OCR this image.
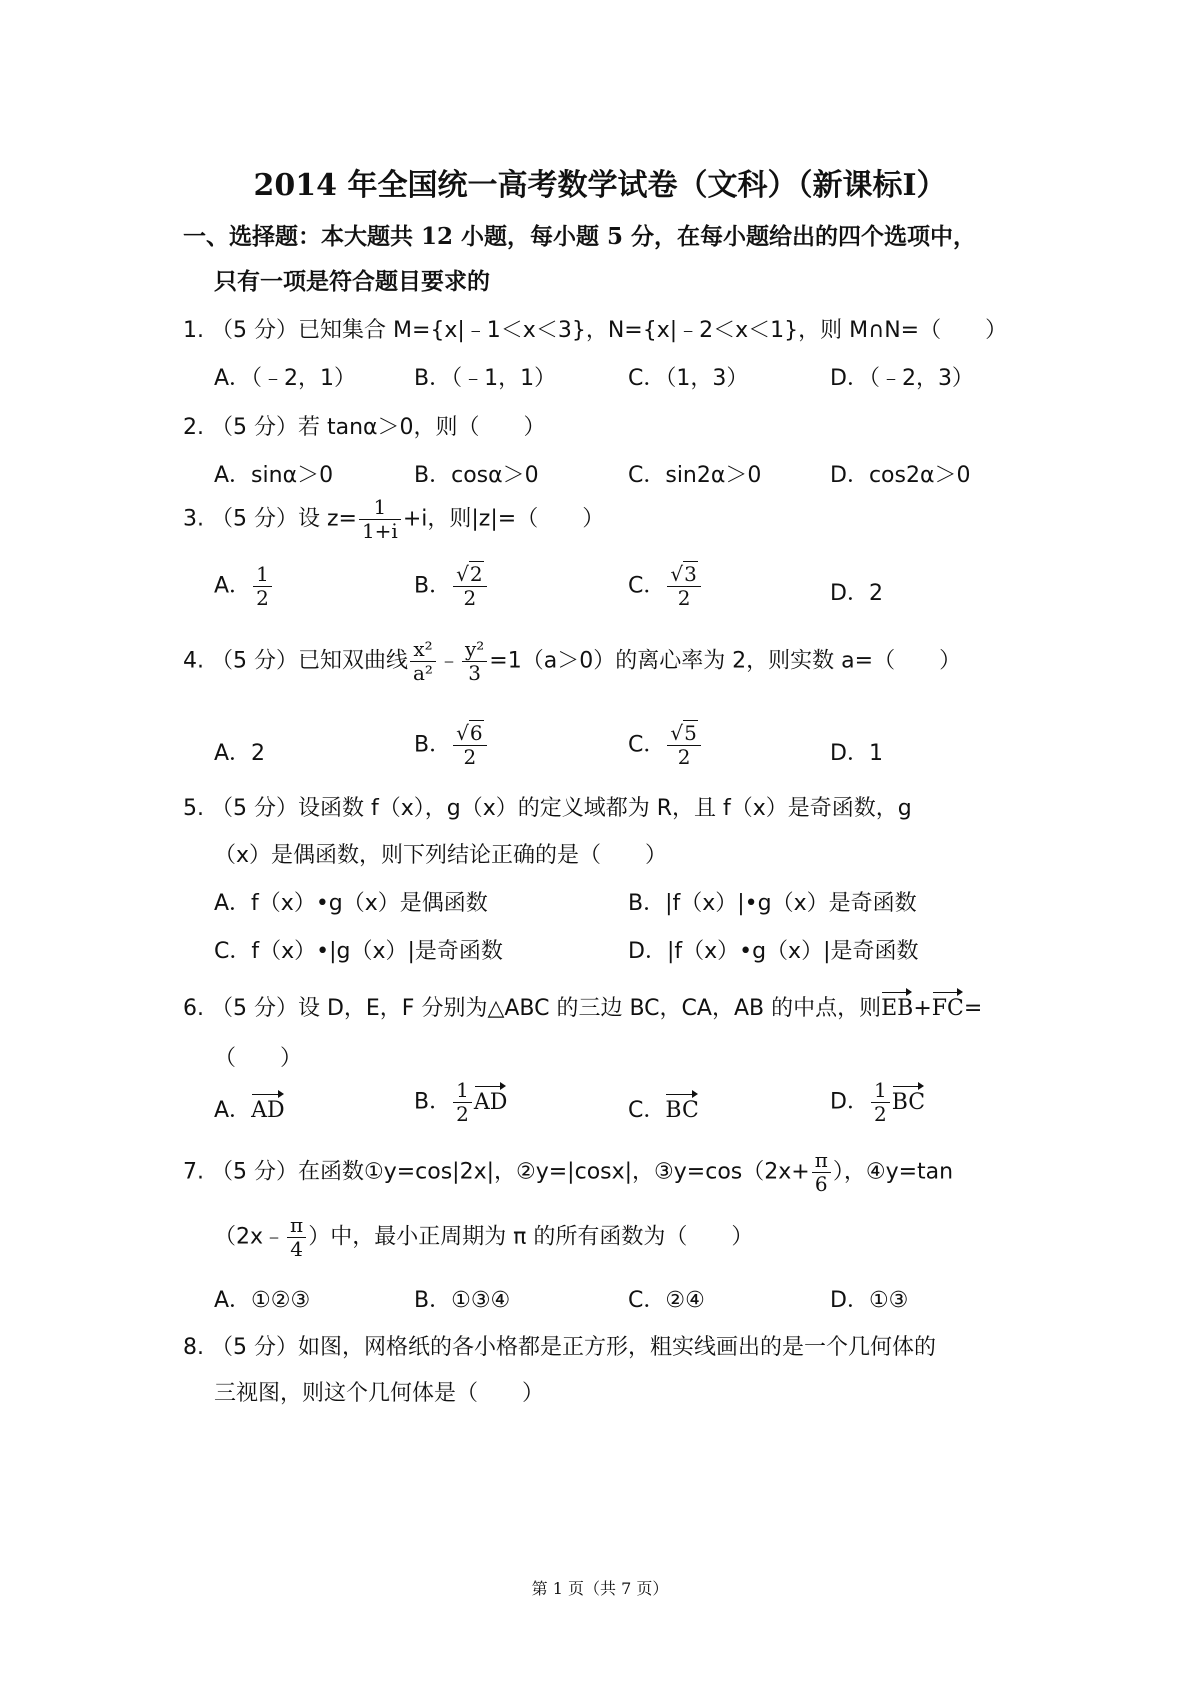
2014 年全国统一高考数学试卷（文科）（新课标Ⅰ）
一、选择题：本大题共 12 小题，每小题 5 分，在每小题给出的四个选项中，
只有一项是符合题目要求的
1. （5 分）已知集合 M={x|﹣1＜x＜3}，N={x|﹣2＜x＜1}，则 M∩N=（　　）
A．（﹣2，1）	B．（﹣1，1）	C．（1，3）	D．（﹣2，3）
2. （5 分）若 tanα＞0，则（　　）
A．sinα＞0	B．cosα＞0	C．sin2α＞0	D．cos2α＞0
3. （5 分）设 $z= \frac{1}{1+i} +i$，则|z|=（　　）
A． $\frac{1}{2}$	B． $\frac{√2}{2}$	C． $\frac{√3}{2}$	D．2
4. （5 分）已知双曲线 $\frac{\text{x²}}{\text{a²}}$ ﹣ $\frac{\text{y²}}{3} =1(a>0)$的离心率为 2，则实数 a=（　　）
A．2	B． $\frac{√6}{2}$	C． $\frac{√5}{2}$	D．1
5. （5 分）设函数 f（x），g（x）的定义域都为 R，且 f（x）是奇函数，g
（x）是偶函数，则下列结论正确的是（　　）
A．f（x）•g（x）是偶函数	B．|f（x）|•g（x）是奇函数
C．f（x）•|g（x）|是奇函数	D．|f（x）•g（x）|是奇函数
6. （5 分）设 D，E，F 分别为△ABC 的三边 BC，CA，AB 的中点，则EB+FC=
（　　）
A．AD	B． $\frac{1}{2}$ AD	C．BC	D． $\frac{1}{2}$ BC
7. （5 分）在函数①y=cos|2x|，②y=|cosx|，③y=cos（2x+ $\frac{\pi}{6}$ ），④y=tan
（2x﹣ $\frac{\pi}{4}$ ）中，最小正周期为 π 的所有函数为（　　）
A．①②③	B．①③④	C．②④	D．①③
8. （5 分）如图，网格纸的各小格都是正方形，粗实线画出的是一个几何体的
三视图，则这个几何体是（　　）
第 1 页（共 7 页）
